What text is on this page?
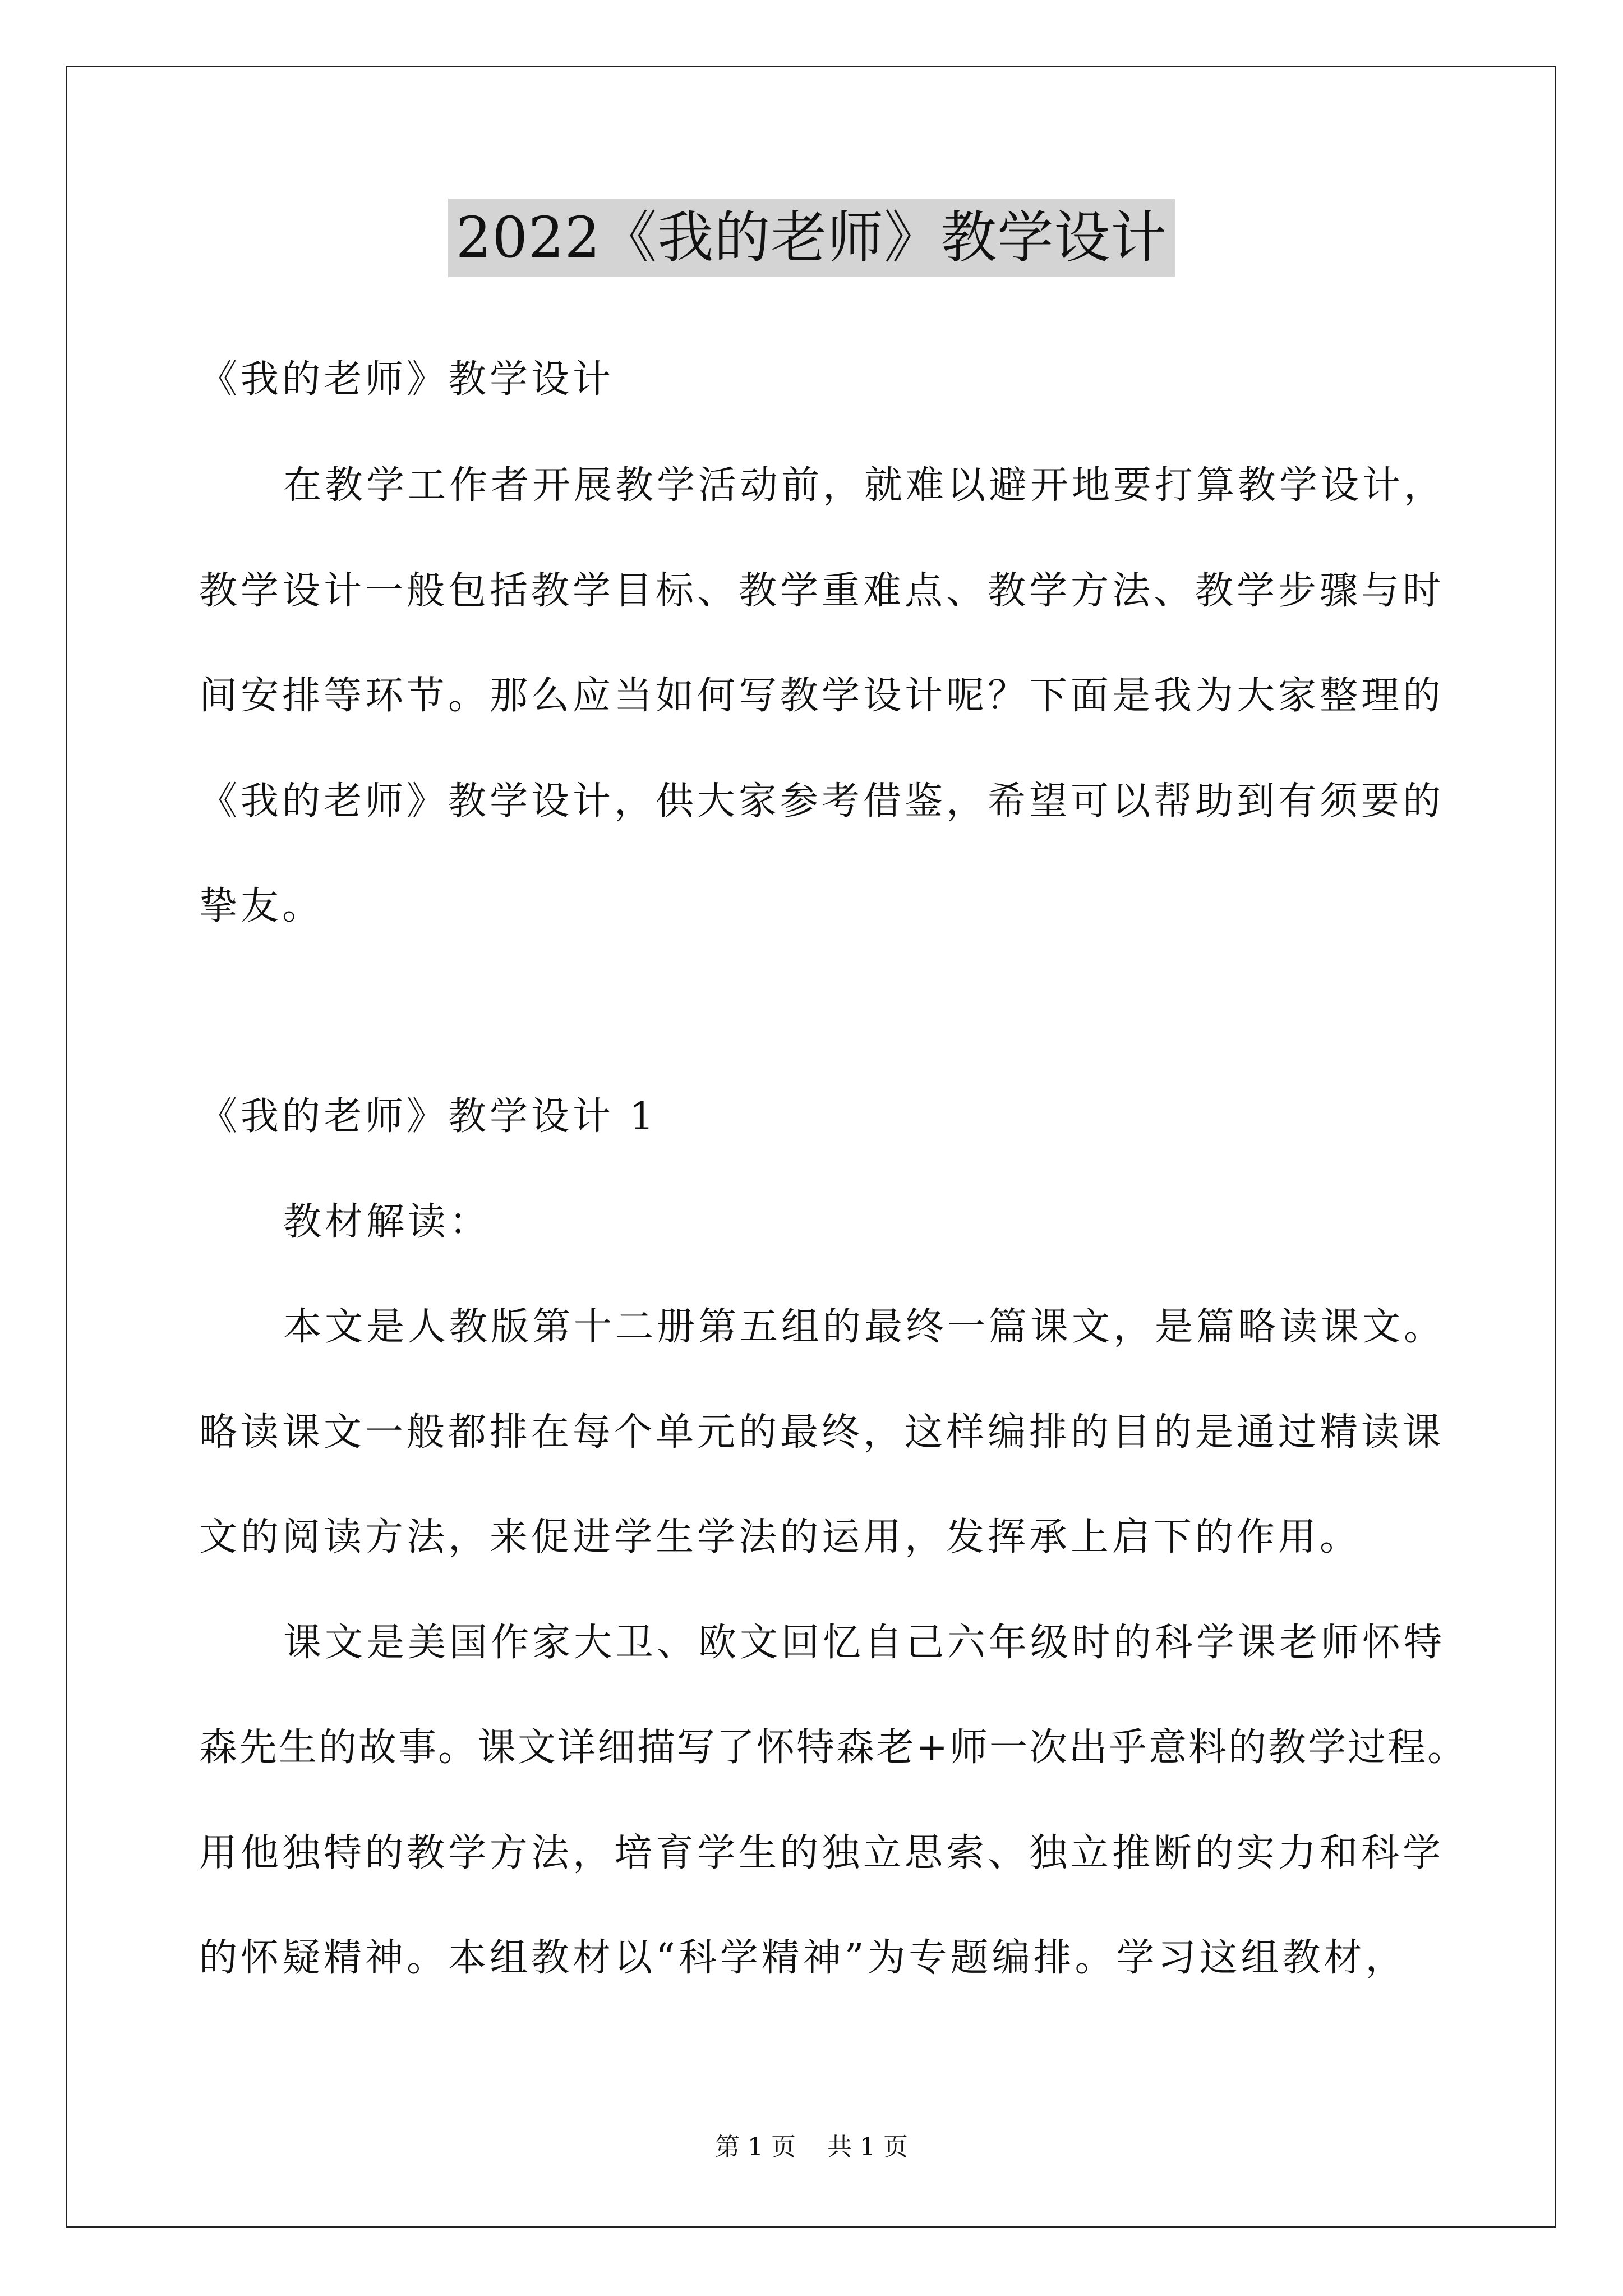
2022《我的老师》教学设计
《我的老师》教学设计
在教学工作者开展教学活动前，就难以避开地要打算教学设计，
教学设计一般包括教学目标、教学重难点、教学方法、教学步骤与时
间安排等环节。那么应当如何写教学设计呢？下面是我为大家整理的
《我的老师》教学设计，供大家参考借鉴，希望可以帮助到有须要的
挚友。
《我的老师》教学设计 1
教材解读：
本文是人教版第十二册第五组的最终一篇课文，是篇略读课文。
略读课文一般都排在每个单元的最终，这样编排的目的是通过精读课
文的阅读方法，来促进学生学法的运用，发挥承上启下的作用。
课文是美国作家大卫、欧文回忆自己六年级时的科学课老师怀特
森先生的故事。课文详细描写了怀特森老+师一次出乎意料的教学过程。
用他独特的教学方法，培育学生的独立思索、独立推断的实力和科学
的怀疑精神。本组教材以“科学精神”为专题编排。学习这组教材，
第 1 页 共 1 页
